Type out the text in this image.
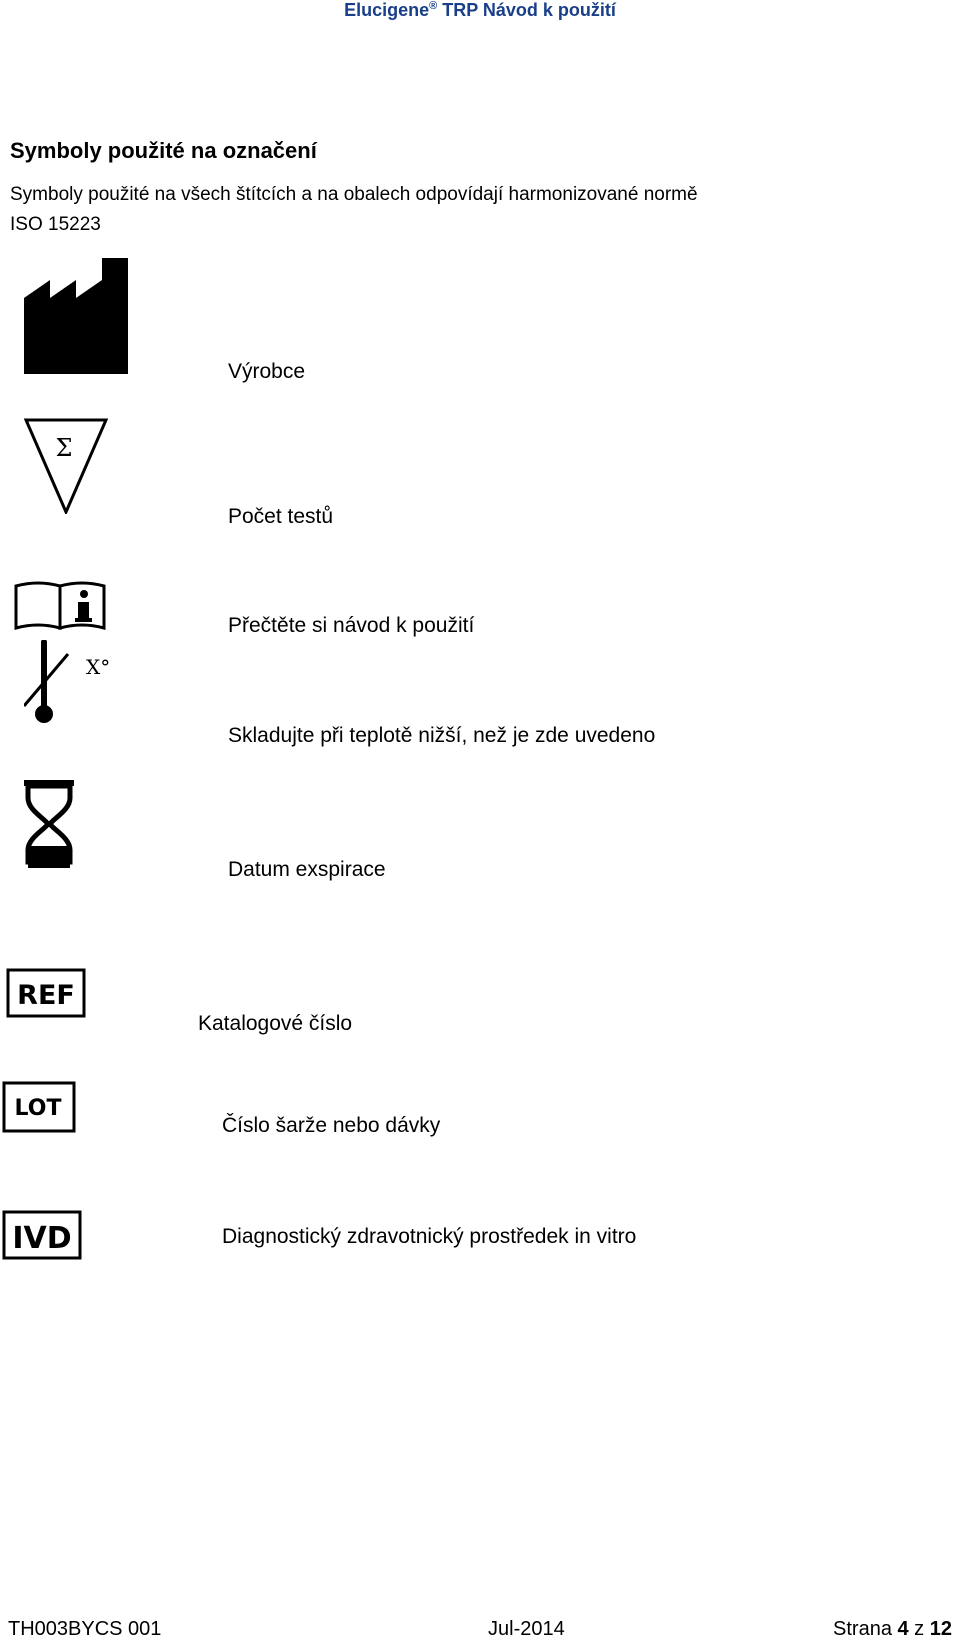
Elucigene® TRP Návod k použití
Symboly použité na označení
Symboly použité na všech štítcích a na obalech odpovídají harmonizované normě
ISO 15223
Výrobce
Σ
Počet testů
i
Přečtěte si návod k použití
X°
Skladujte při teplotě nižší, než je zde uvedeno
Datum exspirace
REF
Katalogové číslo
LOT
Číslo šarže nebo dávky
IVD	Diagnostický zdravotnický prostředek in vitro
TH003BYCS 001	Jul-2014	Strana 4 z 12
